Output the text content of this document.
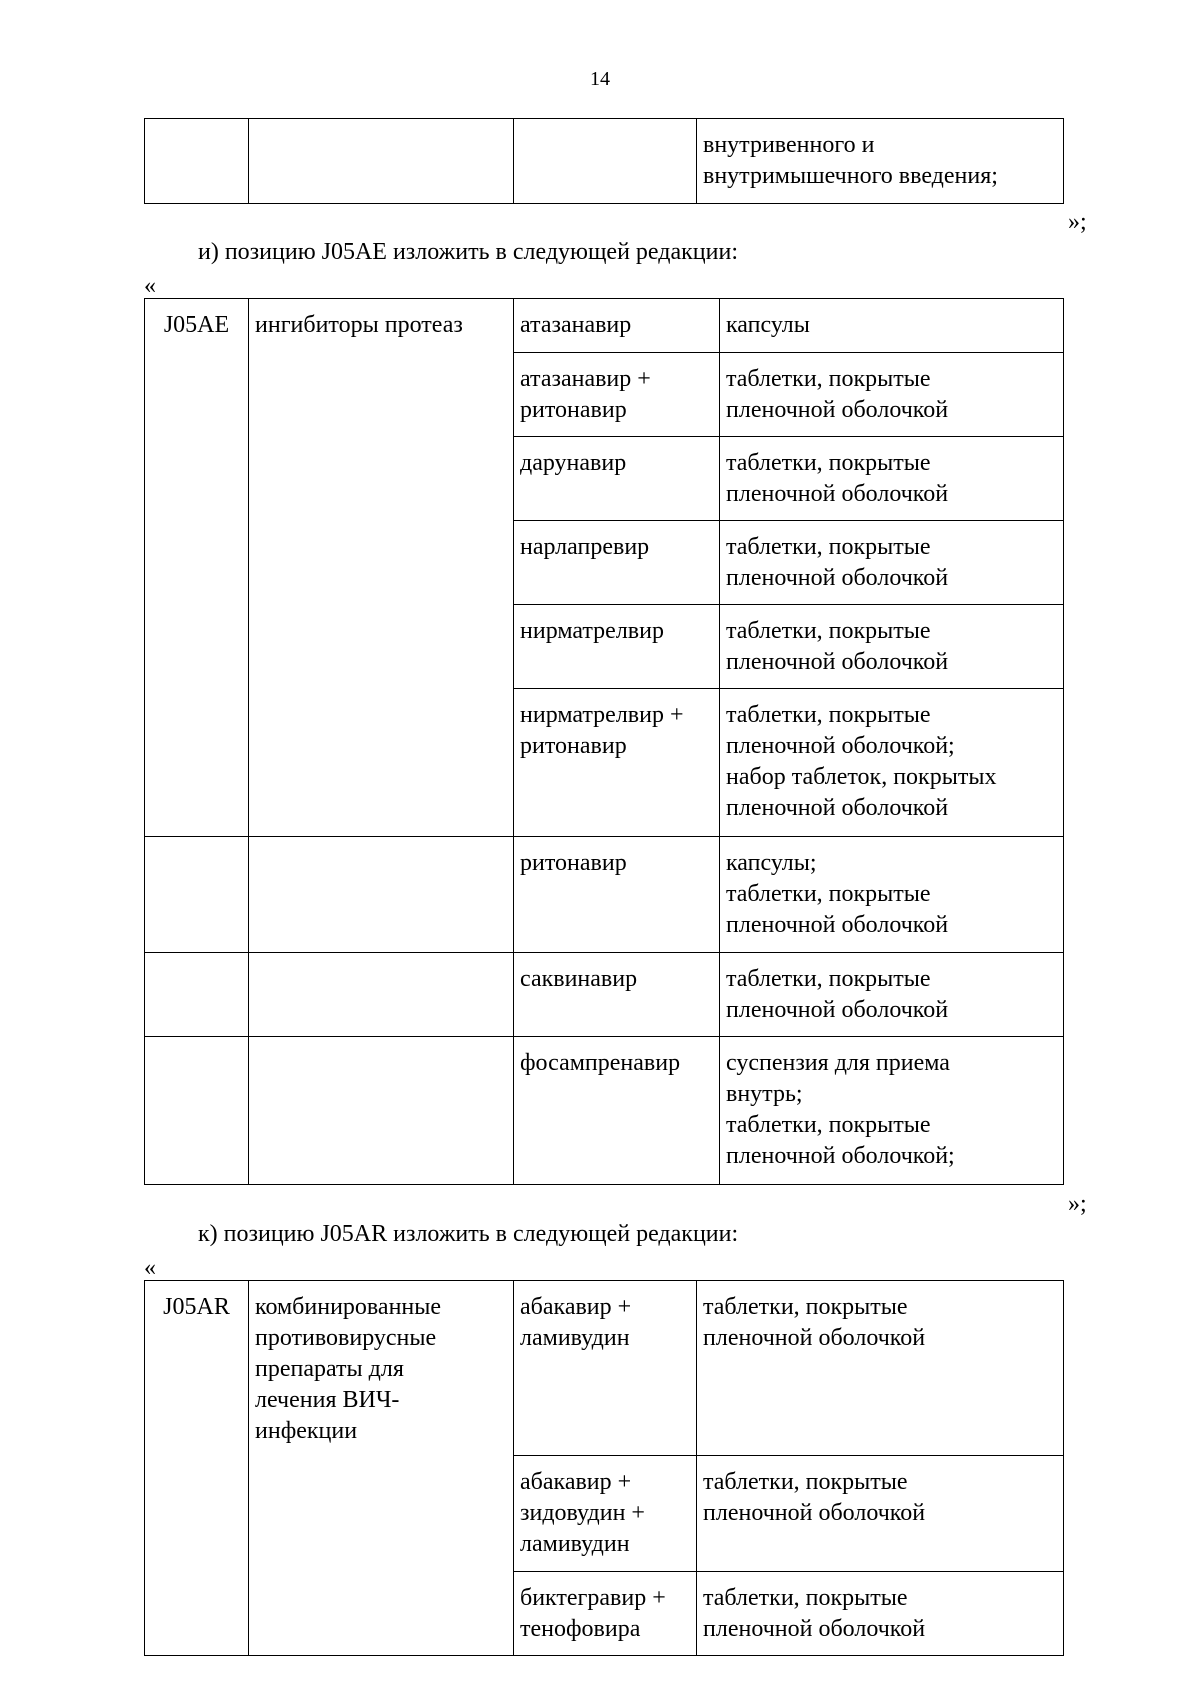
14
			внутривенного и
внутримышечного введения;
»;
и) позицию J05AE изложить в следующей редакции:
«
J05AE	ингибиторы протеаз	атазанавир	капсулы
		атазанавир +
ритонавир	таблетки, покрытые
пленочной оболочкой
		дарунавир	таблетки, покрытые
пленочной оболочкой
		нарлапревир	таблетки, покрытые
пленочной оболочкой
		нирматрелвир	таблетки, покрытые
пленочной оболочкой
		нирматрелвир +
ритонавир	таблетки, покрытые
пленочной оболочкой;
набор таблеток, покрытых
пленочной оболочкой
		ритонавир	капсулы;
таблетки, покрытые
пленочной оболочкой
		саквинавир	таблетки, покрытые
пленочной оболочкой
		фосампренавир	суспензия для приема
внутрь;
таблетки, покрытые
пленочной оболочкой;
»;
к) позицию J05AR изложить в следующей редакции:
«
J05AR	комбинированные
противовирусные
препараты для
лечения ВИЧ-
инфекции	абакавир +
ламивудин	таблетки, покрытые
пленочной оболочкой
		абакавир +
зидовудин +
ламивудин	таблетки, покрытые
пленочной оболочкой
		биктегравир +
тенофовира	таблетки, покрытые
пленочной оболочкой
